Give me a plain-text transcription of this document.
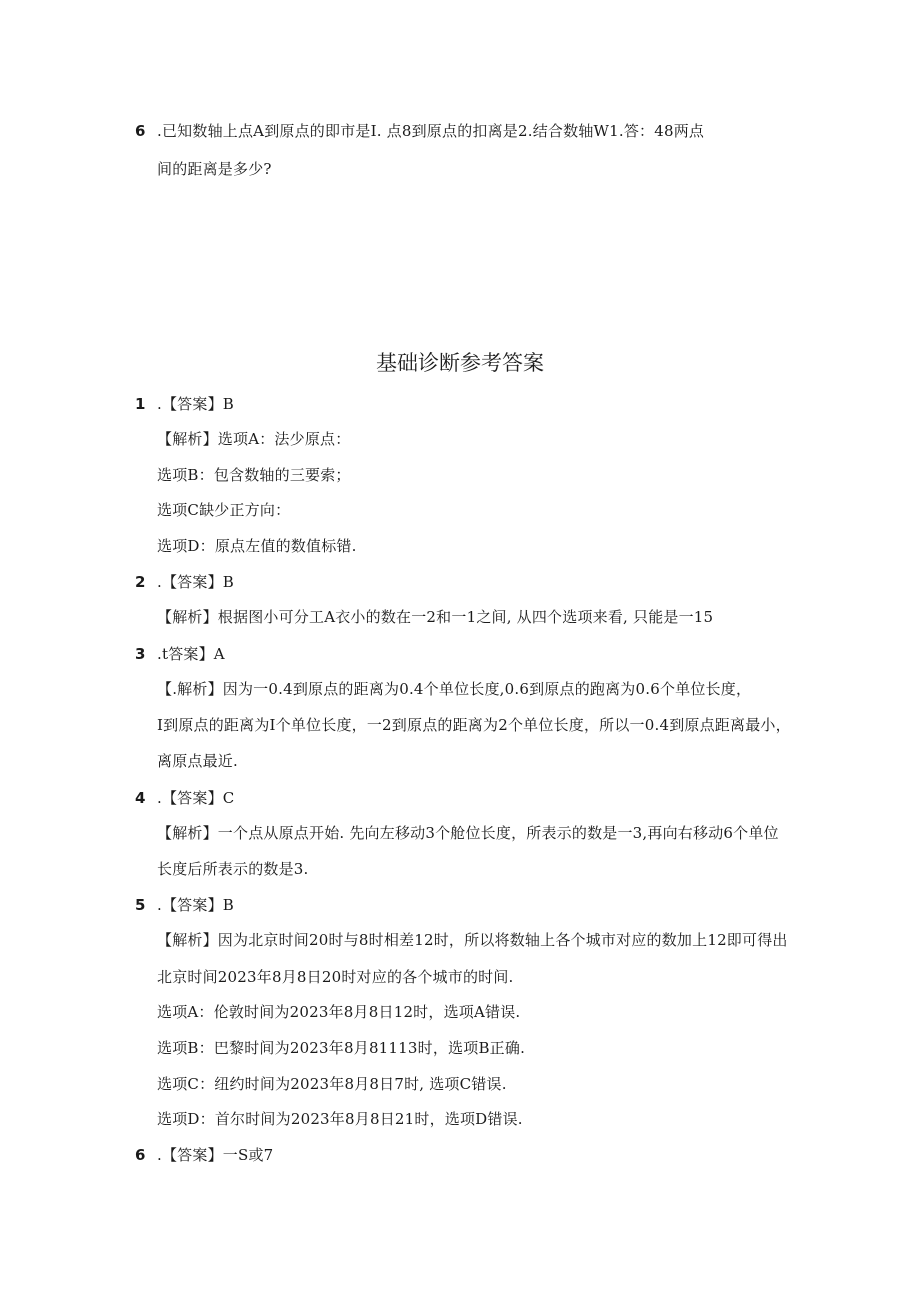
6 .已知数轴上点A到原点的即市是I. 点8到原点的扣离是2.结合数轴W1.答：48两点
间的距离是多少?
基础诊断参考答案
1 .【答案】B
【解析】选项A：法少原点：
选项B：包含数轴的三要索；
选项C缺少正方向：
选项D：原点左值的数值标错.
2 .【答案】B
【解析】根据图小可分工A衣小的数在一2和一1之间, 从四个选项来看, 只能是一15
3 .t答案】A
【.解析】因为一0.4到原点的距离为0.4个单位长度,0.6到原点的跑离为0.6个单位长度，
I到原点的距离为I个单位长度，一2到原点的距离为2个单位长度，所以一0.4到原点距离最小，
离原点最近.
4 .【答案】C
【解析】一个点从原点开始. 先向左移动3个舱位长度，所表示的数是一3,再向右移动6个单位
长度后所表示的数是3.
5 .【答案】B
【解析】因为北京时间20时与8时相差12时，所以将数轴上各个城市对应的数加上12即可得出
北京时间2023年8月8日20时对应的各个城市的时间.
选项A：伦敦时间为2023年8月8日12时，选项A错误.
选项B：巴黎时间为2023年8月81113时，选项B正确.
选项C：纽约时间为2023年8月8日7时, 选项C错误.
选项D：首尔时间为2023年8月8日21时，选项D错误.
6 .【答案】一S或7
